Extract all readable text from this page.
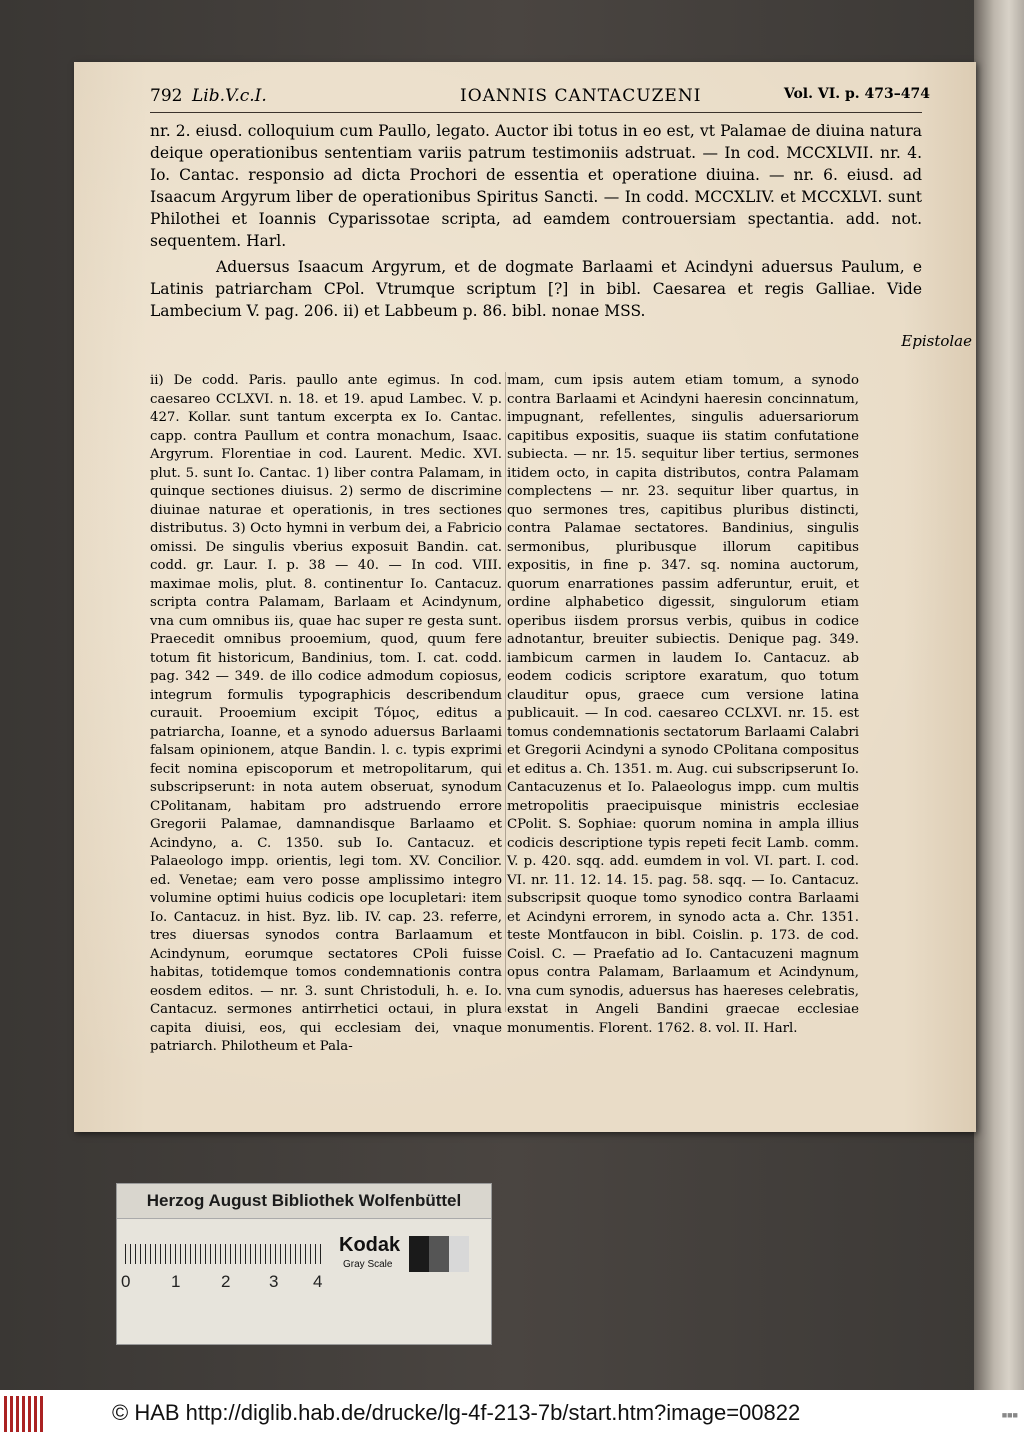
792 Lib.V.c.I.	IOANNIS CANTACUZENI	Vol. VI. p. 473–474
nr. 2. eiusd. colloquium cum Paullo, legato. Auctor ibi totus in eo est, vt Palamae de diuina natura deique operationibus sententiam variis patrum testimoniis adstruat. — In cod. MCCXLVII. nr. 4. Io. Cantac. responsio ad dicta Prochori de essentia et operatione diuina. — nr. 6. eiusd. ad Isaacum Argyrum liber de operationibus Spiritus Sancti. — In codd. MCCXLIV. et MCCXLVI. sunt Philothei et Ioannis Cyparissotae scripta, ad eamdem controuersiam spectantia. add. not. sequentem. Harl.
Aduersus Isaacum Argyrum, et de dogmate Barlaami et Acindyni aduersus Paulum, e Latinis patriarcham CPol. Vtrumque scriptum [?] in bibl. Caesarea et regis Galliae. Vide Lambecium V. pag. 206. ii) et Labbeum p. 86. bibl. nonae MSS.
Epistolae
ii) De codd. Paris. paullo ante egimus. In cod. caesareo CCLXVI. n. 18. et 19. apud Lambec. V. p. 427. Kollar. sunt tantum excerpta ex Io. Cantac. capp. contra Paullum et contra monachum, Isaac. Argyrum. Florentiae in cod. Laurent. Medic. XVI. plut. 5. sunt Io. Cantac. 1) liber contra Palamam, in quinque sectiones diuisus. 2) sermo de discrimine diuinae naturae et operationis, in tres sectiones distributus. 3) Octo hymni in verbum dei, a Fabricio omissi. De singulis vberius exposuit Bandin. cat. codd. gr. Laur. I. p. 38 — 40. — In cod. VIII. maximae molis, plut. 8. continentur Io. Cantacuz. scripta contra Palamam, Barlaam et Acindynum, vna cum omnibus iis, quae hac super re gesta sunt. Praecedit omnibus prooemium, quod, quum fere totum fit historicum, Bandinius, tom. I. cat. codd. pag. 342 — 349. de illo codice admodum copiosus, integrum formulis typographicis describendum curauit. Prooemium excipit Τόμος, editus a patriarcha, Ioanne, et a synodo aduersus Barlaami falsam opinionem, atque Bandin. l. c. typis exprimi fecit nomina episcoporum et metropolitarum, qui subscripserunt: in nota autem obseruat, synodum CPolitanam, habitam pro adstruendo errore Gregorii Palamae, damnandisque Barlaamo et Acindyno, a. C. 1350. sub Io. Cantacuz. et Palaeologo impp. orientis, legi tom. XV. Concilior. ed. Venetae; eam vero posse amplissimo integro volumine optimi huius codicis ope locupletari: item Io. Cantacuz. in hist. Byz. lib. IV. cap. 23. referre, tres diuersas synodos contra Barlaamum et Acindynum, eorumque sectatores CPoli fuisse habitas, totidemque tomos condemnationis contra eosdem editos. — nr. 3. sunt Christoduli, h. e. Io. Cantacuz. sermones antirrhetici octaui, in plura capita diuisi, eos, qui ecclesiam dei, vnaque patriarch. Philotheum et Pala-
mam, cum ipsis autem etiam tomum, a synodo contra Barlaami et Acindyni haeresin concinnatum, impugnant, refellentes, singulis aduersariorum capitibus expositis, suaque iis statim confutatione subiecta. — nr. 15. sequitur liber tertius, sermones itidem octo, in capita distributos, contra Palamam complectens — nr. 23. sequitur liber quartus, in quo sermones tres, capitibus pluribus distincti, contra Palamae sectatores. Bandinius, singulis sermonibus, pluribusque illorum capitibus expositis, in fine p. 347. sq. nomina auctorum, quorum enarrationes passim adferuntur, eruit, et ordine alphabetico digessit, singulorum etiam operibus iisdem prorsus verbis, quibus in codice adnotantur, breuiter subiectis. Denique pag. 349. iambicum carmen in laudem Io. Cantacuz. ab eodem codicis scriptore exaratum, quo totum clauditur opus, graece cum versione latina publicauit. — In cod. caesareo CCLXVI. nr. 15. est tomus condemnationis sectatorum Barlaami Calabri et Gregorii Acindyni a synodo CPolitana compositus et editus a. Ch. 1351. m. Aug. cui subscripserunt Io. Cantacuzenus et Io. Palaeologus impp. cum multis metropolitis praecipuisque ministris ecclesiae CPolit. S. Sophiae: quorum nomina in ampla illius codicis descriptione typis repeti fecit Lamb. comm. V. p. 420. sqq. add. eumdem in vol. VI. part. I. cod. VI. nr. 11. 12. 14. 15. pag. 58. sqq. — Io. Cantacuz. subscripsit quoque tomo synodico contra Barlaami et Acindyni errorem, in synodo acta a. Chr. 1351. teste Montfaucon in bibl. Coislin. p. 173. de cod. Coisl. C. — Praefatio ad Io. Cantacuzeni magnum opus contra Palamam, Barlaamum et Acindynum, vna cum synodis, aduersus has haereses celebratis, exstat in Angeli Bandini graecae ecclesiae monumentis. Florent. 1762. 8. vol. II. Harl.
Herzog August Bibliothek Wolfenbüttel
0 1 2 3 4
Kodak
Gray Scale
© HAB http://diglib.hab.de/drucke/lg-4f-213-7b/start.htm?image=00822	■■■
